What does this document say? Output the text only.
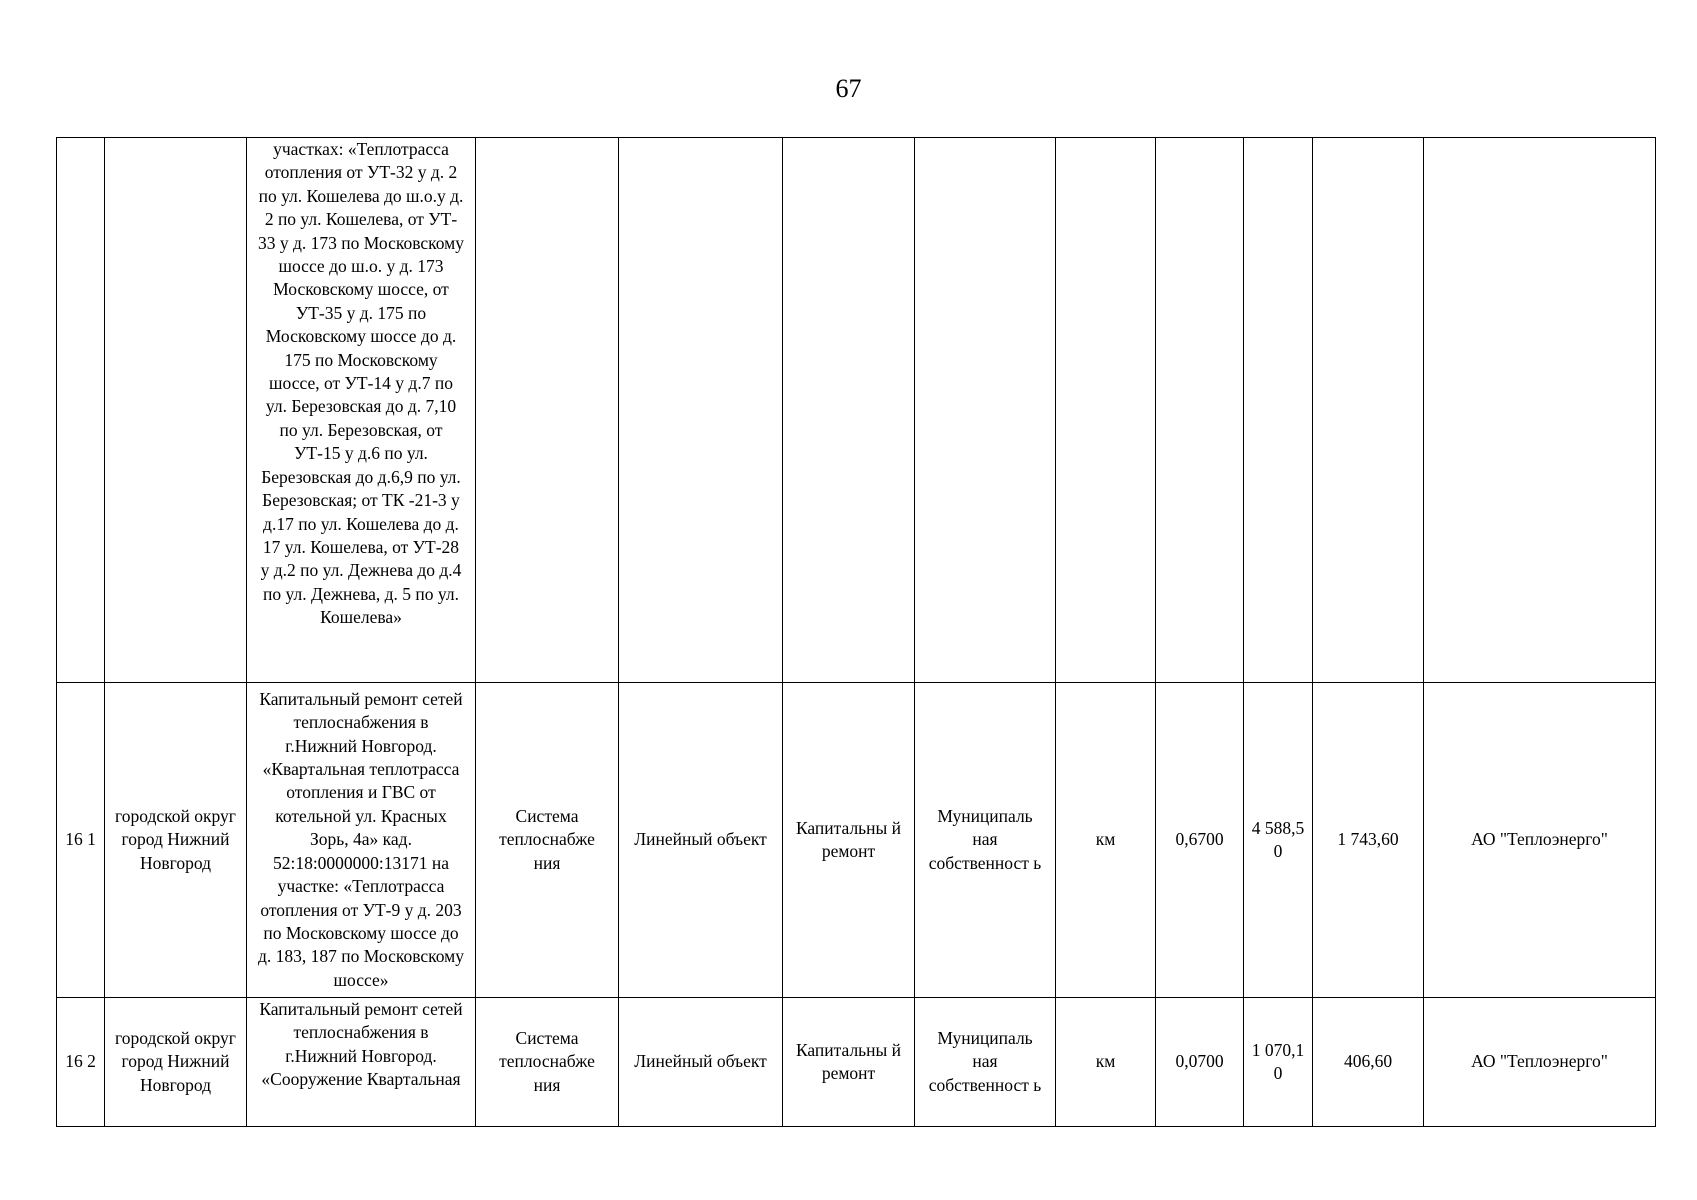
67
		участках: «Теплотрасса отопления от УТ-32 у д. 2 по ул. Кошелева до ш.о.у д. 2 по ул. Кошелева, от УТ- 33 у д. 173 по Московскому шоссе до ш.о. у д. 173 Московскому шоссе, от УТ-35 у д. 175 по Московскому шоссе до д. 175 по Московскому шоссе, от УТ-14 у д.7 по ул. Березовская до д. 7,10 по ул. Березовская, от УТ-15 у д.6 по ул. Березовская до д.6,9 по ул. Березовская; от ТК -21-3 у д.17 по ул. Кошелева до д. 17 ул. Кошелева, от УТ-28 у д.2 по ул. Дежнева до д.4 по ул. Дежнева, д. 5 по ул. Кошелева»									
16 1	городской округ город Нижний Новгород	Капитальный ремонт сетей теплоснабжения в г.Нижний Новгород. «Квартальная теплотрасса отопления и ГВС от котельной ул. Красных Зорь, 4а» кад. 52:18:0000000:13171 на участке: «Теплотрасса отопления от УТ-9 у д. 203 по Московскому шоссе до д. 183, 187 по Московскому шоссе»	Система теплоснабже ния	Линейный объект	Капитальны й ремонт	Муниципаль ная собственност ь	км	0,6700	4 588,5 0	1 743,60	АО "Теплоэнерго"
16 2	городской округ город Нижний Новгород	Капитальный ремонт сетей теплоснабжения в г.Нижний Новгород. «Сооружение Квартальная	Система теплоснабже ния	Линейный объект	Капитальны й ремонт	Муниципаль ная собственност ь	км	0,0700	1 070,1 0	406,60	АО "Теплоэнерго"
